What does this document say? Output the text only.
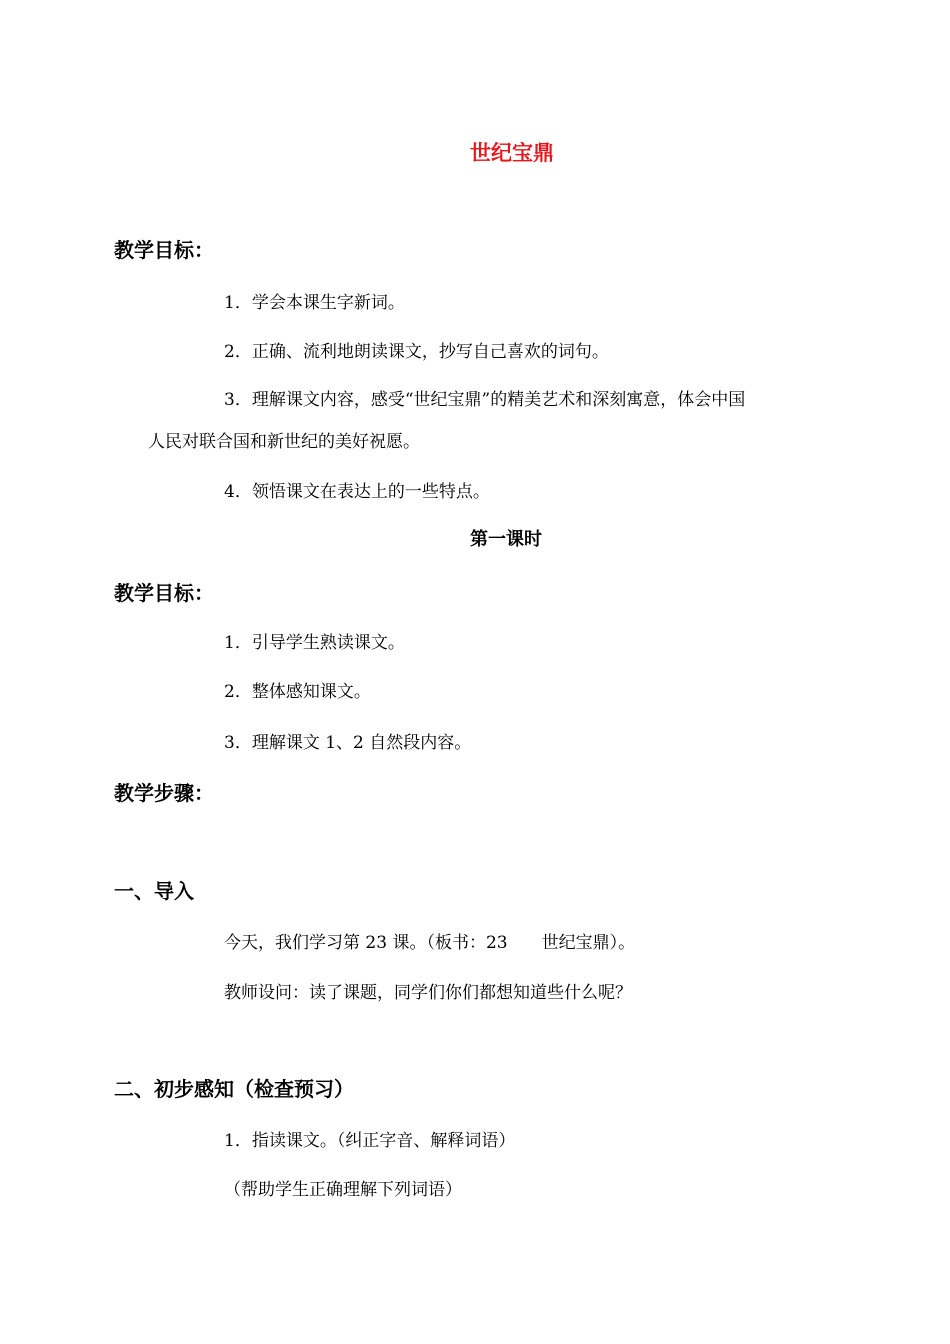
世纪宝鼎
教学目标：
1．学会本课生字新词。
2．正确、流利地朗读课文，抄写自己喜欢的词句。
3．理解课文内容，感受“世纪宝鼎”的精美艺术和深刻寓意，体会中国
人民对联合国和新世纪的美好祝愿。
4．领悟课文在表达上的一些特点。
第一课时
教学目标：
1．引导学生熟读课文。
2．整体感知课文。
3．理解课文 1、2 自然段内容。
教学步骤：
一、导入
今天，我们学习第 23 课。（板书：23　　世纪宝鼎）。
教师设问：读了课题，同学们你们都想知道些什么呢？
二、初步感知（检查预习）
1．指读课文。（纠正字音、解释词语）
（帮助学生正确理解下列词语）
